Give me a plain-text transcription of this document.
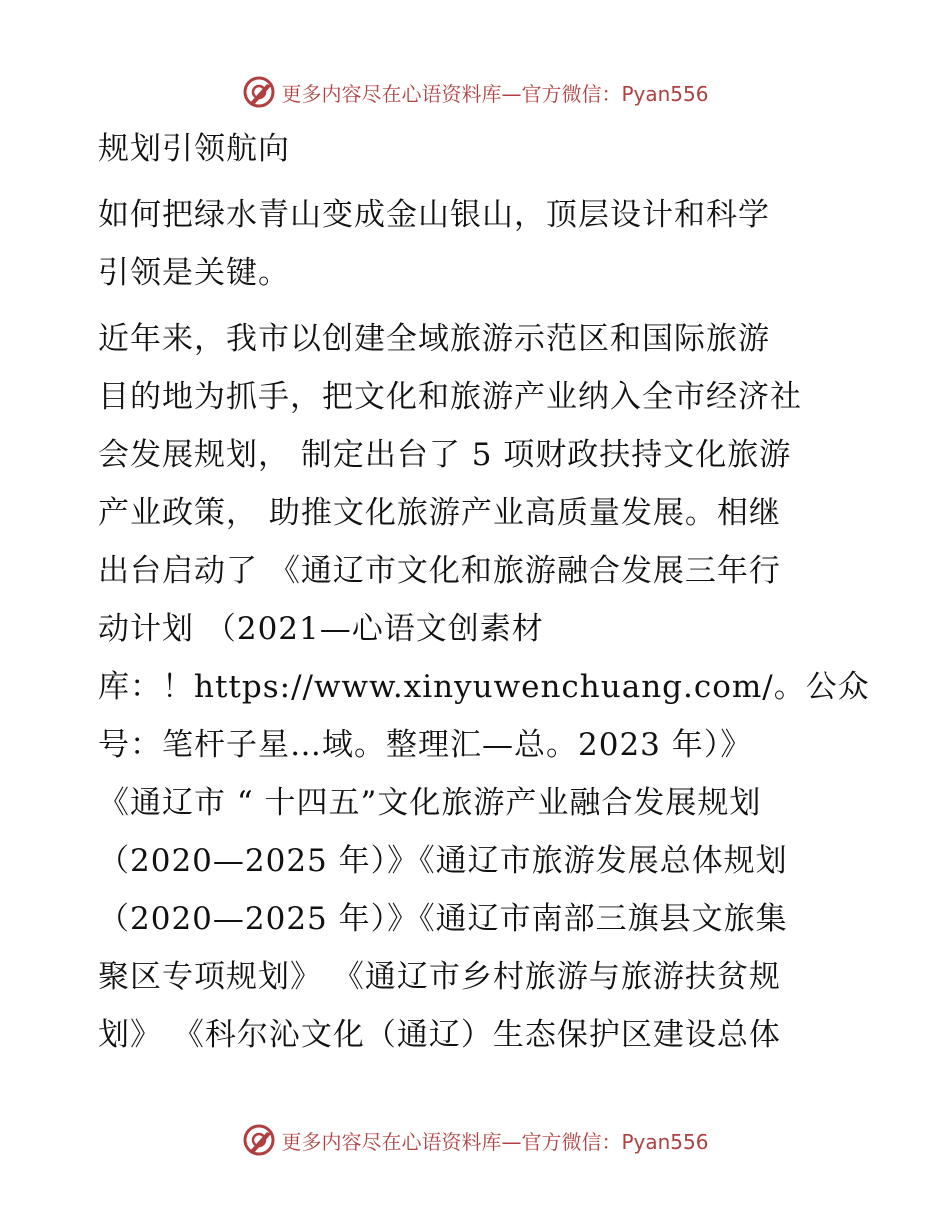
更多内容尽在心语资料库—官方微信：Pyan556

规划引领航向

如何把绿水青山变成金山银山，顶层设计和科学
引领是关键。

近年来，我市以创建全域旅游示范区和国际旅游
目的地为抓手，把文化和旅游产业纳入全市经济社
会发展规划， 制定出台了 5 项财政扶持文化旅游
产业政策， 助推文化旅游产业高质量发展。相继
出台启动了 《通辽市文化和旅游融合发展三年行
动计划 （2021—心语文创素材
库：！https://www.xinyuwenchuang.com/。公众
号：笔杆子星…域。整理汇—总。2023 年）》
《通辽市 “ 十四五”文化旅游产业融合发展规划
（2020—2025 年）》《通辽市旅游发展总体规划
（2020—2025 年）》《通辽市南部三旗县文旅集
聚区专项规划》 《通辽市乡村旅游与旅游扶贫规
划》 《科尔沁文化（通辽）生态保护区建设总体

更多内容尽在心语资料库—官方微信：Pyan556
